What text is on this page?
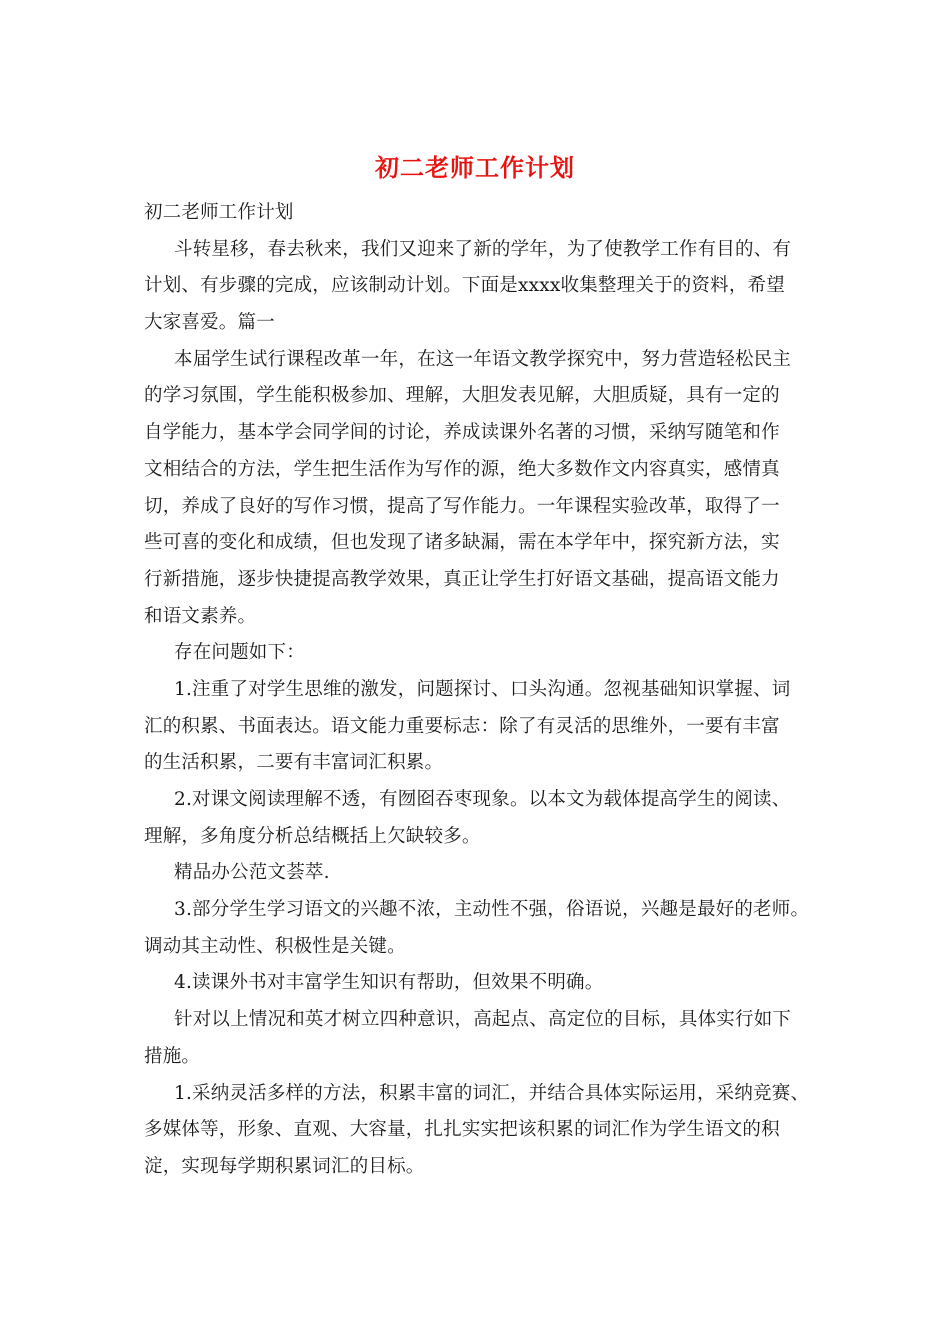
初二老师工作计划
初二老师工作计划
斗转星移，春去秋来，我们又迎来了新的学年，为了使教学工作有目的、有
计划、有步骤的完成，应该制动计划。下面是xxxx收集整理关于的资料，希望
大家喜爱。篇一
本届学生试行课程改革一年，在这一年语文教学探究中，努力营造轻松民主
的学习氛围，学生能积极参加、理解，大胆发表见解，大胆质疑，具有一定的
自学能力，基本学会同学间的讨论，养成读课外名著的习惯，采纳写随笔和作
文相结合的方法，学生把生活作为写作的源，绝大多数作文内容真实，感情真
切，养成了良好的写作习惯，提高了写作能力。一年课程实验改革，取得了一
些可喜的变化和成绩，但也发现了诸多缺漏，需在本学年中，探究新方法，实
行新措施，逐步快捷提高教学效果，真正让学生打好语文基础，提高语文能力
和语文素养。
存在问题如下：
1.注重了对学生思维的激发，问题探讨、口头沟通。忽视基础知识掌握、词
汇的积累、书面表达。语文能力重要标志：除了有灵活的思维外，一要有丰富
的生活积累，二要有丰富词汇积累。
2.对课文阅读理解不透，有囫囵吞枣现象。以本文为载体提高学生的阅读、
理解，多角度分析总结概括上欠缺较多。
精品办公范文荟萃.
3.部分学生学习语文的兴趣不浓，主动性不强，俗语说，兴趣是最好的老师。
调动其主动性、积极性是关键。
4.读课外书对丰富学生知识有帮助，但效果不明确。
针对以上情况和英才树立四种意识，高起点、高定位的目标，具体实行如下
措施。
1.采纳灵活多样的方法，积累丰富的词汇，并结合具体实际运用，采纳竞赛、
多媒体等，形象、直观、大容量，扎扎实实把该积累的词汇作为学生语文的积
淀，实现每学期积累词汇的目标。
